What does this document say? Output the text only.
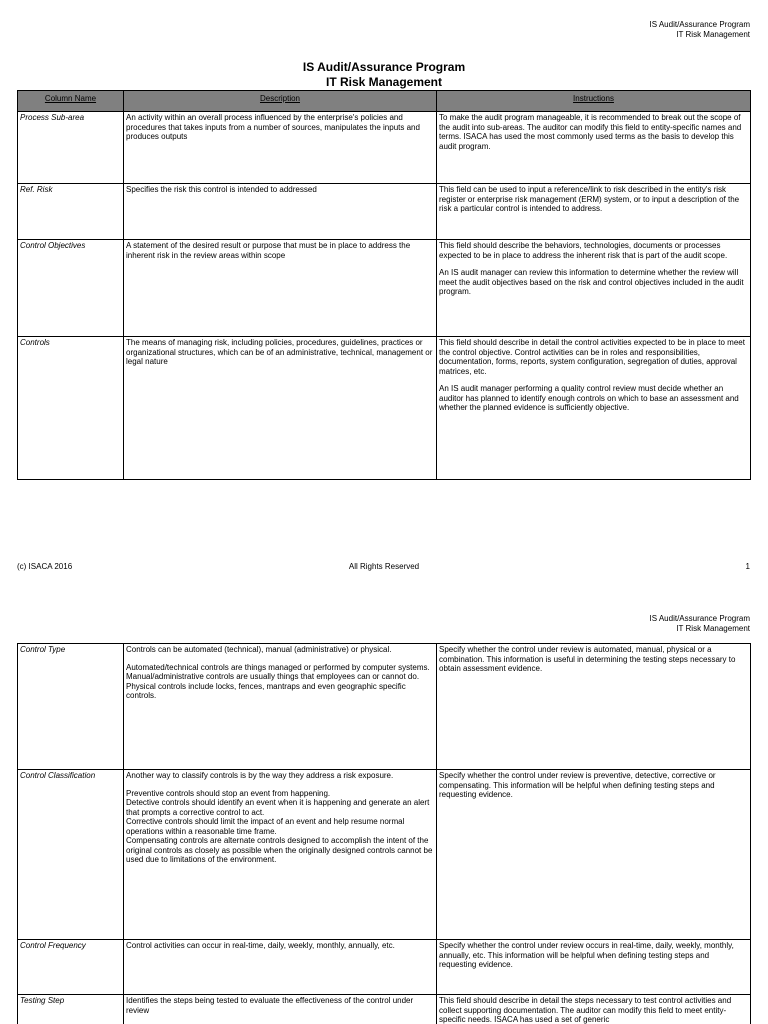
IS Audit/Assurance Program
IT Risk Management
IS Audit/Assurance Program
IT Risk Management
Column Name	Description	Instructions
Process Sub-area	An activity within an overall process influenced by the enterprise's policies and procedures that takes inputs from a number of sources, manipulates the inputs and produces outputs	To make the audit program manageable, it is recommended to break out the scope of the audit into sub-areas. The auditor can modify this field to entity-specific names and terms. ISACA has used the most commonly used terms as the basis to develop this audit program.

Ref. Risk	Specifies the risk this control is intended to addressed	This field can be used to input a reference/link to risk described in the entity's risk register or enterprise risk management (ERM) system, or to input a description of the risk a particular control is intended to address.

Control Objectives	A statement of the desired result or purpose that must be in place to address the inherent risk in the review areas within scope	This field should describe the behaviors, technologies, documents or processes expected to be in place to address the inherent risk that is part of the audit scope.

An IS audit manager can review this information to determine whether the review will meet the audit objectives based on the risk and control objectives included in the audit program.

Controls	The means of managing risk, including policies, procedures, guidelines, practices or organizational structures, which can be of an administrative, technical, management or legal nature	This field should describe in detail the control activities expected to be in place to meet the control objective. Control activities can be in roles and responsibilities, documentation, forms, reports, system configuration, segregation of duties, approval matrices, etc.

An IS audit manager performing a quality control review must decide whether an auditor has planned to identify enough controls on which to base an assessment and whether the planned evidence is sufficiently objective.

(c) ISACA 2016	All Rights Reserved	1
IS Audit/Assurance Program
IT Risk Management
Control Type	Controls can be automated (technical), manual (administrative) or physical.

Automated/technical controls are things managed or performed by computer systems.

Manual/administrative controls are usually things that employees can or cannot do.

Physical controls include locks, fences, mantraps and even geographic specific controls.	Specify whether the control under review is automated, manual, physical or a combination. This information is useful in determining the testing steps necessary to obtain assessment evidence.

Control Classification	Another way to classify controls is by the way they address a risk exposure.

Preventive controls should stop an event from happening.

Detective controls should identify an event when it is happening and generate an alert that prompts a corrective control to act.

Corrective controls should limit the impact of an event and help resume normal operations within a reasonable time frame.

Compensating controls are alternate controls designed to accomplish the intent of the original controls as closely as possible when the originally designed controls cannot be used due to limitations of the environment.	Specify whether the control under review is preventive, detective, corrective or compensating. This information will be helpful when defining testing steps and requesting evidence.

Control Frequency	Control activities can occur in real-time, daily, weekly, monthly, annually, etc.	Specify whether the control under review occurs in real-time, daily, weekly, monthly, annually, etc. This information will be helpful when defining testing steps and requesting evidence.

Testing Step	Identifies the steps being tested to evaluate the effectiveness of the control under review	This field should describe in detail the steps necessary to test control activities and collect supporting documentation. The auditor can modify this field to meet entity-specific needs. ISACA has used a set of generic
